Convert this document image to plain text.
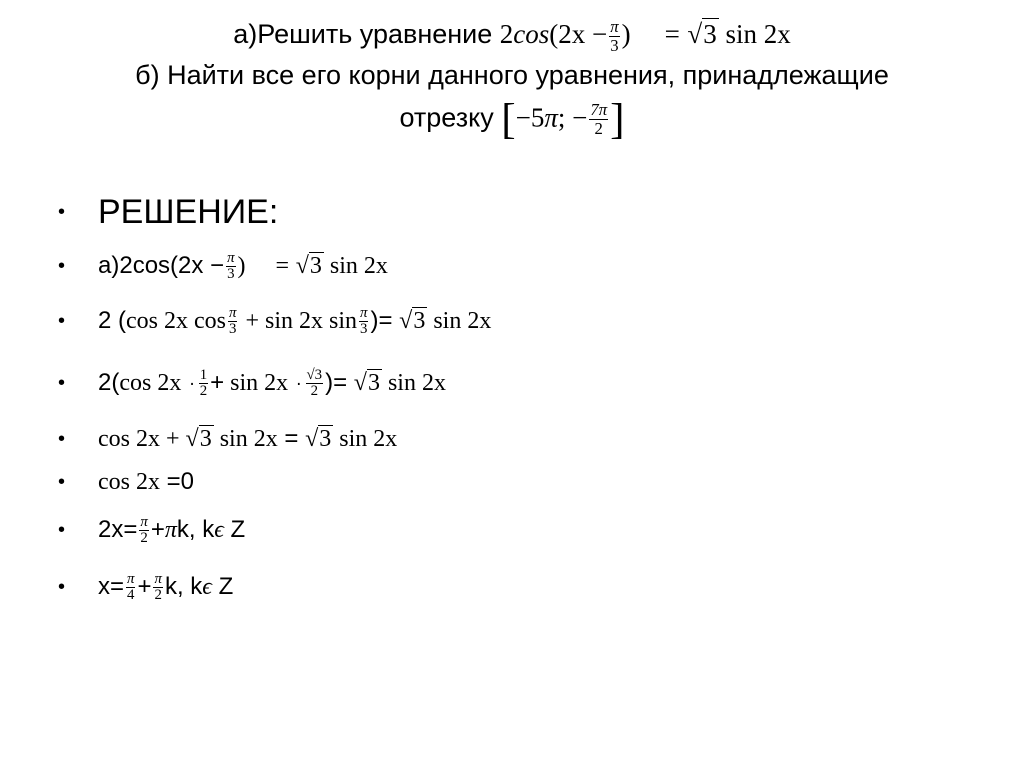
а)Решить уравнение $2\cos(2x - \frac{\pi}{3}$ ) = √3 sin 2x
б) Найти все его корни данного уравнения, принадлежащие
отрезку [−5π; − $\frac{7\pi}{2}$ ]
• РЕШЕНИЕ:
• $а)2\cos(2x - \frac{\pi}{3}$ ) = √3 sin 2x
• 2 (cos 2x $\cos \frac{\pi}{3} + \sin 2x$ $\sin \frac{\pi}{3}$ )= √3 sin 2x
• 2(cos $2x \cdot \frac{1}{2} + \sin 2x \cdot \frac{√3}{2}$ )= √3 sin 2x
• cos 2x + √3 sin 2x = √3 sin 2x
• cos 2x =0
• $2x= \frac{\pi}{2} +\pi k$, kϵ Z
• $x= \frac{\pi}{4} + \frac{\pi}{2} k$, kϵ Z
